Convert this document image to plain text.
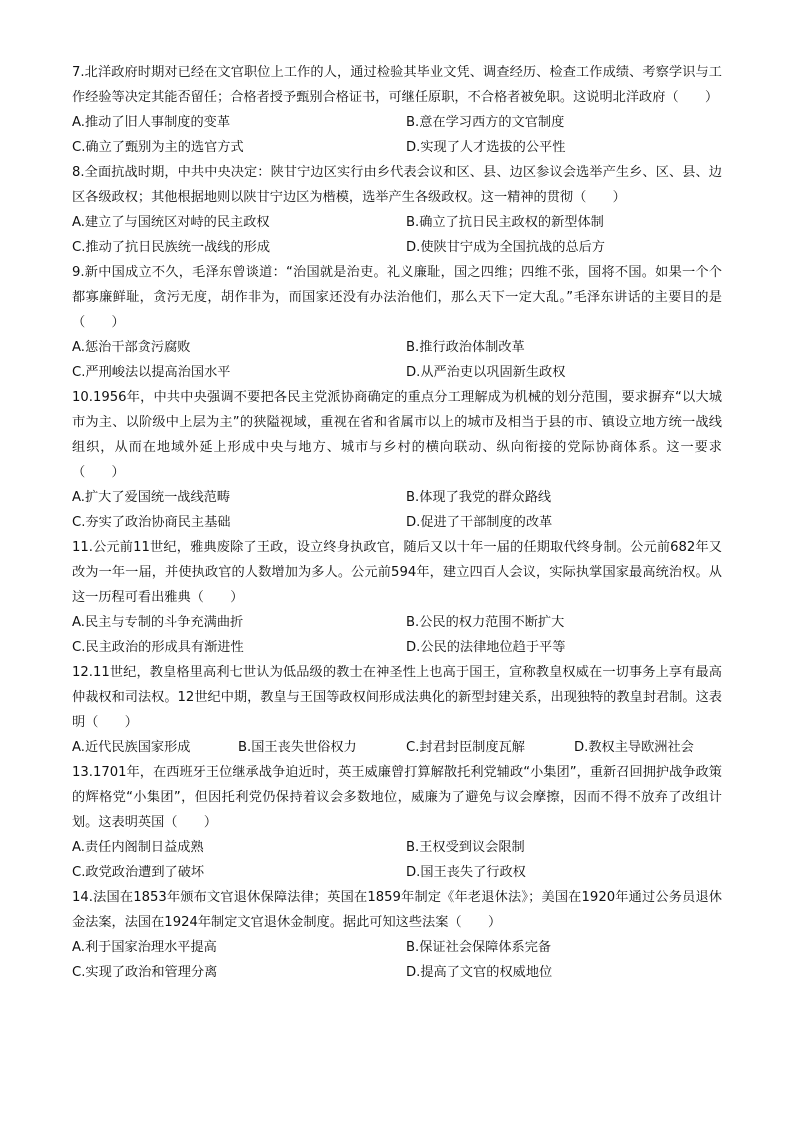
7.北洋政府时期对已经在文官职位上工作的人，通过检验其毕业文凭、调查经历、检查工作成绩、考察学识与工作经验等决定其能否留任；合格者授予甄别合格证书，可继任原职，不合格者被免职。这说明北洋政府（　　）

A.推动了旧人事制度的变革	B.意在学习西方的文官制度
C.确立了甄别为主的选官方式	D.实现了人才选拔的公平性

8.全面抗战时期，中共中央决定：陕甘宁边区实行由乡代表会议和区、县、边区参议会选举产生乡、区、县、边区各级政权；其他根据地则以陕甘宁边区为楷模，选举产生各级政权。这一精神的贯彻（　　）

A.建立了与国统区对峙的民主政权	B.确立了抗日民主政权的新型体制
C.推动了抗日民族统一战线的形成	D.使陕甘宁成为全国抗战的总后方

9.新中国成立不久，毛泽东曾谈道：“治国就是治吏。礼义廉耻，国之四维；四维不张，国将不国。如果一个个都寡廉鲜耻，贪污无度，胡作非为，而国家还没有办法治他们，那么天下一定大乱。”毛泽东讲话的主要目的是（　　）

A.惩治干部贪污腐败	B.推行政治体制改革
C.严刑峻法以提高治国水平	D.从严治吏以巩固新生政权

10.1956年，中共中央强调不要把各民主党派协商确定的重点分工理解成为机械的划分范围，要求摒弃“以大城市为主、以阶级中上层为主”的狭隘视域，重视在省和省属市以上的城市及相当于县的市、镇设立地方统一战线组织，从而在地域外延上形成中央与地方、城市与乡村的横向联动、纵向衔接的党际协商体系。这一要求（　　）

A.扩大了爱国统一战线范畴	B.体现了我党的群众路线
C.夯实了政治协商民主基础	D.促进了干部制度的改革

11.公元前11世纪，雅典废除了王政，设立终身执政官，随后又以十年一届的任期取代终身制。公元前682年又改为一年一届，并使执政官的人数增加为多人。公元前594年，建立四百人会议，实际执掌国家最高统治权。从这一历程可看出雅典（　　）

A.民主与专制的斗争充满曲折	B.公民的权力范围不断扩大
C.民主政治的形成具有渐进性	D.公民的法律地位趋于平等

12.11世纪，教皇格里高利七世认为低品级的教士在神圣性上也高于国王，宣称教皇权威在一切事务上享有最高仲裁权和司法权。12世纪中期，教皇与王国等政权间形成法典化的新型封建关系，出现独特的教皇封君制。这表明（　　）

A.近代民族国家形成	B.国王丧失世俗权力	C.封君封臣制度瓦解	D.教权主导欧洲社会

13.1701年，在西班牙王位继承战争迫近时，英王威廉曾打算解散托利党辅政“小集团”，重新召回拥护战争政策的辉格党“小集团”，但因托利党仍保持着议会多数地位，威廉为了避免与议会摩擦，因而不得不放弃了改组计划。这表明英国（　　）

A.责任内阁制日益成熟	B.王权受到议会限制
C.政党政治遭到了破坏	D.国王丧失了行政权

14.法国在1853年颁布文官退休保障法律；英国在1859年制定《年老退休法》；美国在1920年通过公务员退休金法案，法国在1924年制定文官退休金制度。据此可知这些法案（　　）

A.利于国家治理水平提高	B.保证社会保障体系完备
C.实现了政治和管理分离	D.提高了文官的权威地位
